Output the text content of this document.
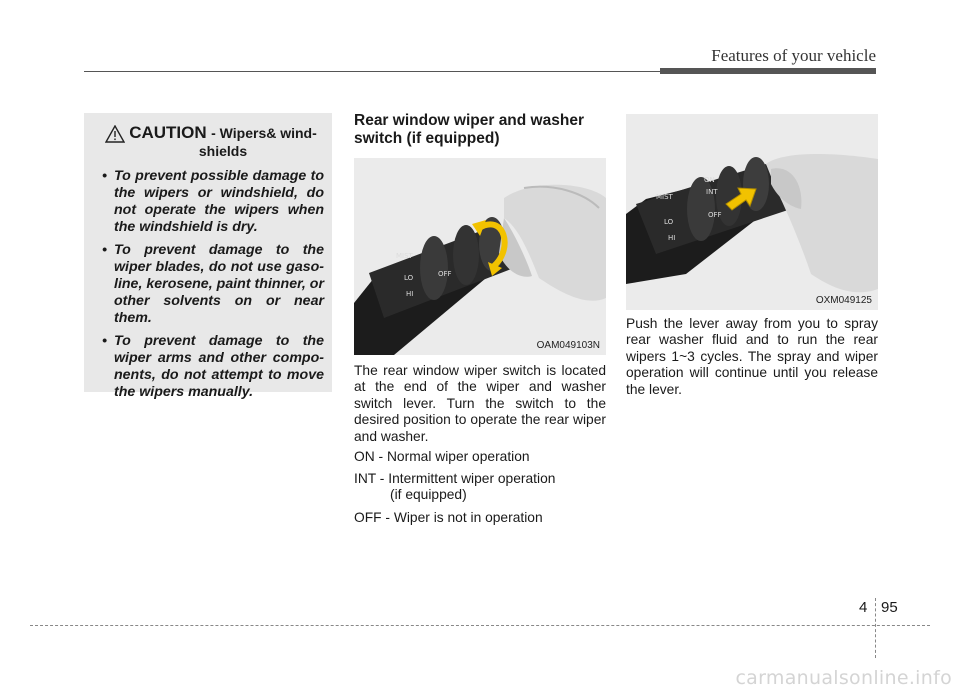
Features of your vehicle
CAUTION - Wipers& wind-
shields
• To prevent possible damage to the wipers or windshield, do not operate the wipers when the windshield is dry.
• To prevent damage to the wiper blades, do not use gaso-line, kerosene, paint thinner, or other solvents on or near them.
• To prevent damage to the wiper arms and other compo-nents, do not attempt to move the wipers manually.
Rear window wiper and washer switch (if equipped)
MIST
OFF
LO
HI
OAM049103N

The rear window wiper switch is located at the end of the wiper and washer switch lever. Turn the switch to the desired position to operate the rear wiper and washer.

ON - Normal wiper operation
INT - Intermittent wiper operation
(if equipped)
OFF - Wiper is not in operation
MIST
OFF
INT
ON
LO
HI
OXM049125

Push the lever away from you to spray rear washer fluid and to run the rear wipers 1~3 cycles. The spray and wiper operation will continue until you release the lever.

4 95
carmanualsonline.info
